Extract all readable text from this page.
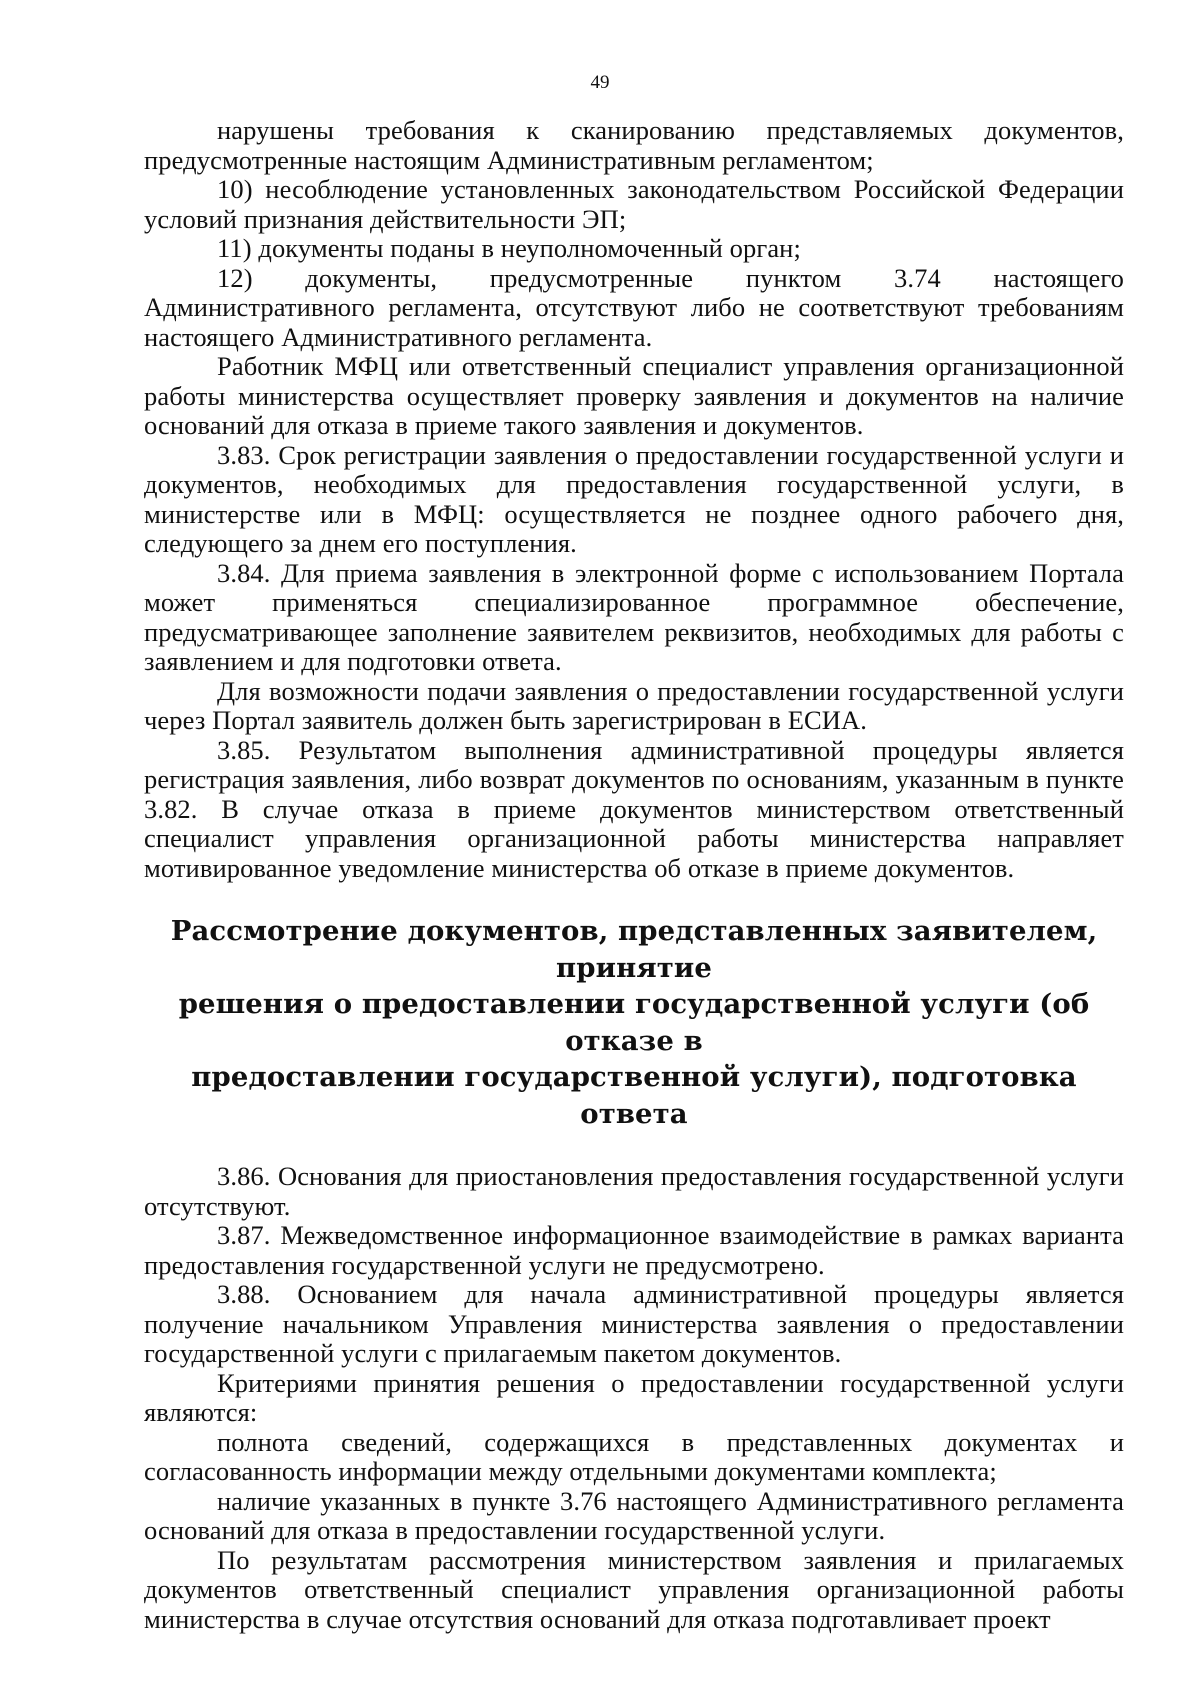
49

нарушены требования к сканированию представляемых документов, предусмотренные настоящим Административным регламентом;

10) несоблюдение установленных законодательством Российской Федерации условий признания действительности ЭП;

11) документы поданы в неуполномоченный орган;

12) документы, предусмотренные пунктом 3.74 настоящего Административного регламента, отсутствуют либо не соответствуют требованиям настоящего Административного регламента.

Работник МФЦ или ответственный специалист управления организационной работы министерства осуществляет проверку заявления и документов на наличие оснований для отказа в приеме такого заявления и документов.

3.83. Срок регистрации заявления о предоставлении государственной услуги и документов, необходимых для предоставления государственной услуги, в министерстве или в МФЦ: осуществляется не позднее одного рабочего дня, следующего за днем его поступления.

3.84. Для приема заявления в электронной форме с использованием Портала может применяться специализированное программное обеспечение, предусматривающее заполнение заявителем реквизитов, необходимых для работы с заявлением и для подготовки ответа.

Для возможности подачи заявления о предоставлении государственной услуги через Портал заявитель должен быть зарегистрирован в ЕСИА.

3.85. Результатом выполнения административной процедуры является регистрация заявления, либо возврат документов по основаниям, указанным в пункте 3.82. В случае отказа в приеме документов министерством ответственный специалист управления организационной работы министерства направляет мотивированное уведомление министерства об отказе в приеме документов.

Рассмотрение документов, представленных заявителем, принятие
решения о предоставлении государственной услуги (об отказе в
предоставлении государственной услуги), подготовка ответа

3.86. Основания для приостановления предоставления государственной услуги отсутствуют.

3.87. Межведомственное информационное взаимодействие в рамках варианта предоставления государственной услуги не предусмотрено.

3.88. Основанием для начала административной процедуры является получение начальником Управления министерства заявления о предоставлении государственной услуги с прилагаемым пакетом документов.

Критериями принятия решения о предоставлении государственной услуги являются:

полнота сведений, содержащихся в представленных документах и согласованность информации между отдельными документами комплекта;

наличие указанных в пункте 3.76 настоящего Административного регламента оснований для отказа в предоставлении государственной услуги.

По результатам рассмотрения министерством заявления и прилагаемых документов ответственный специалист управления организационной работы министерства в случае отсутствия оснований для отказа подготавливает проект
